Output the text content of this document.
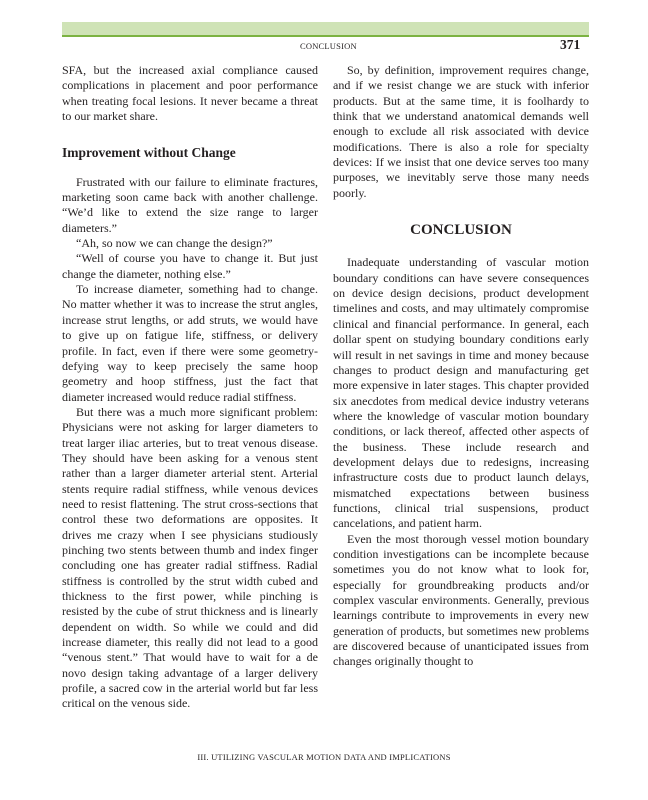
CONCLUSION	371

SFA, but the increased axial compliance caused complications in placement and poor performance when treating focal lesions. It never became a threat to our market share.

Improvement without Change

Frustrated with our failure to eliminate fractures, marketing soon came back with another challenge. “We’d like to extend the size range to larger diameters.”

“Ah, so now we can change the design?”

“Well of course you have to change it. But just change the diameter, nothing else.”

To increase diameter, something had to change. No matter whether it was to increase the strut angles, increase strut lengths, or add struts, we would have to give up on fatigue life, stiffness, or delivery profile. In fact, even if there were some geometry-defying way to keep precisely the same hoop geometry and hoop stiffness, just the fact that diameter increased would reduce radial stiffness.

But there was a much more significant problem: Physicians were not asking for larger diameters to treat larger iliac arteries, but to treat venous disease. They should have been asking for a venous stent rather than a larger diameter arterial stent. Arterial stents require radial stiffness, while venous devices need to resist flattening. The strut cross-sections that control these two deformations are opposites. It drives me crazy when I see physicians studiously pinching two stents between thumb and index finger concluding one has greater radial stiffness. Radial stiffness is controlled by the strut width cubed and thickness to the first power, while pinching is resisted by the cube of strut thickness and is linearly dependent on width. So while we could and did increase diameter, this really did not lead to a good “venous stent.” That would have to wait for a de novo design taking advantage of a larger delivery profile, a sacred cow in the arterial world but far less critical on the venous side.

So, by definition, improvement requires change, and if we resist change we are stuck with inferior products. But at the same time, it is foolhardy to think that we understand anatomical demands well enough to exclude all risk associated with device modifications. There is also a role for specialty devices: If we insist that one device serves too many purposes, we inevitably serve those many needs poorly.

CONCLUSION

Inadequate understanding of vascular motion boundary conditions can have severe consequences on device design decisions, product development timelines and costs, and may ultimately compromise clinical and financial performance. In general, each dollar spent on studying boundary conditions early will result in net savings in time and money because changes to product design and manufacturing get more expensive in later stages. This chapter provided six anecdotes from medical device industry veterans where the knowledge of vascular motion boundary conditions, or lack thereof, affected other aspects of the business. These include research and development delays due to redesigns, increasing infrastructure costs due to product launch delays, mismatched expectations between business functions, clinical trial suspensions, product cancelations, and patient harm.

Even the most thorough vessel motion boundary condition investigations can be incomplete because sometimes you do not know what to look for, especially for groundbreaking products and/or complex vascular environments. Generally, previous learnings contribute to improvements in every new generation of products, but sometimes new problems are discovered because of unanticipated issues from changes originally thought to

III. UTILIZING VASCULAR MOTION DATA AND IMPLICATIONS
